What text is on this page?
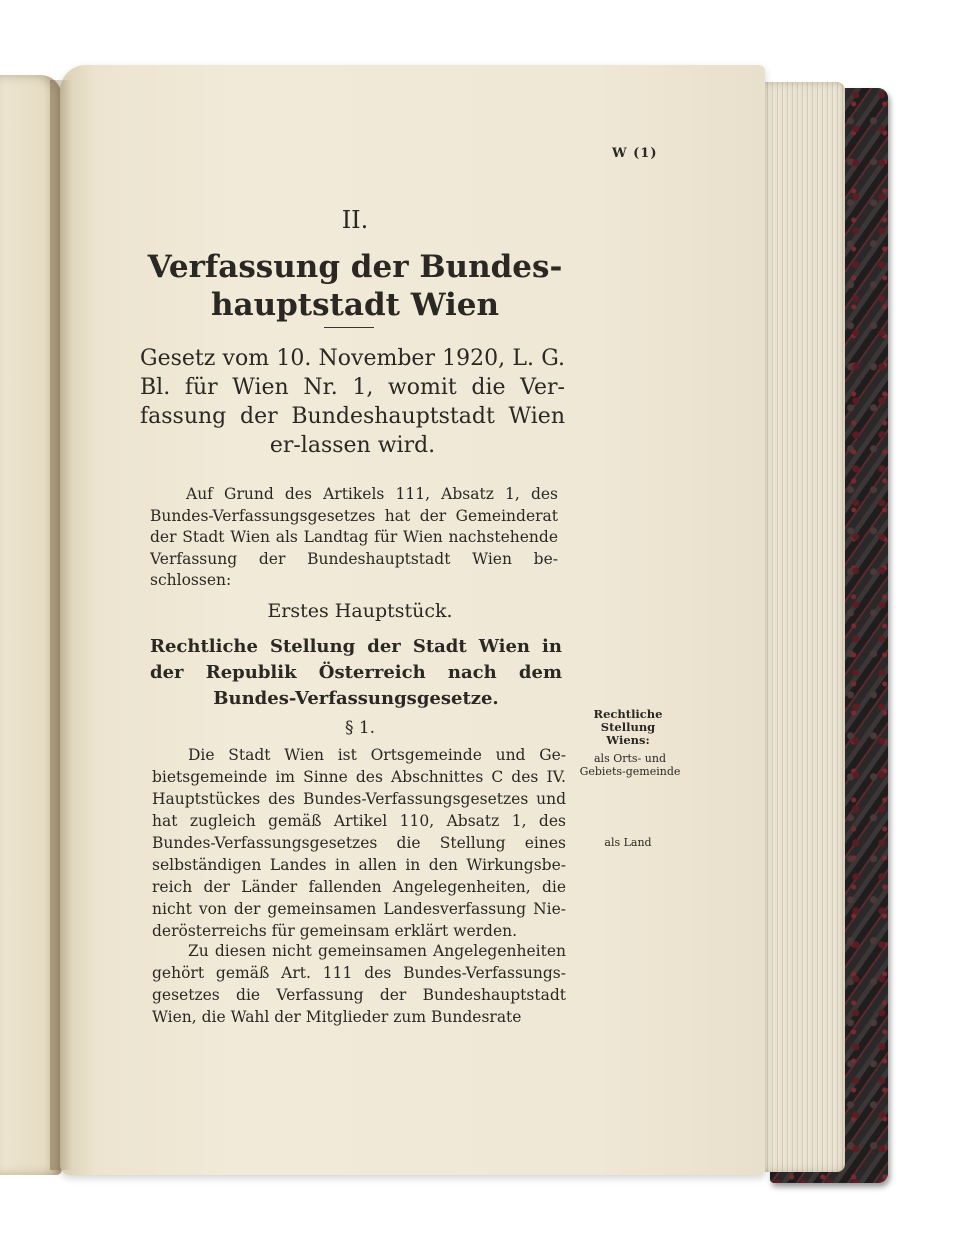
W (1)
II.
Verfassung der Bundes-hauptstadt Wien
Gesetz vom 10. November 1920, L. G. Bl. für Wien Nr. 1, womit die Ver-fassung der Bundeshauptstadt Wien er-lassen wird.
Auf Grund des Artikels 111, Absatz 1, des Bundes-Verfassungsgesetzes hat der Gemeinderat der Stadt Wien als Landtag für Wien nachstehende Verfassung der Bundeshauptstadt Wien be-schlossen:
Erstes Hauptstück.
Rechtliche Stellung der Stadt Wien in der Republik Österreich nach dem Bundes-Verfassungsgesetze.
§ 1.
Die Stadt Wien ist Ortsgemeinde und Ge-bietsgemeinde im Sinne des Abschnittes C des IV. Hauptstückes des Bundes-Verfassungsgesetzes und hat zugleich gemäß Artikel 110, Absatz 1, des Bundes-Verfassungsgesetzes die Stellung eines selbständigen Landes in allen in den Wirkungsbe-reich der Länder fallenden Angelegenheiten, die nicht von der gemeinsamen Landesverfassung Nie-derösterreichs für gemeinsam erklärt werden.
Zu diesen nicht gemeinsamen Angelegenheiten gehört gemäß Art. 111 des Bundes-Verfassungs-gesetzes die Verfassung der Bundeshauptstadt Wien, die Wahl der Mitglieder zum Bundesrate
Rechtliche Stellung Wiens:
als Orts- und Gebiets-gemeinde
als Land
